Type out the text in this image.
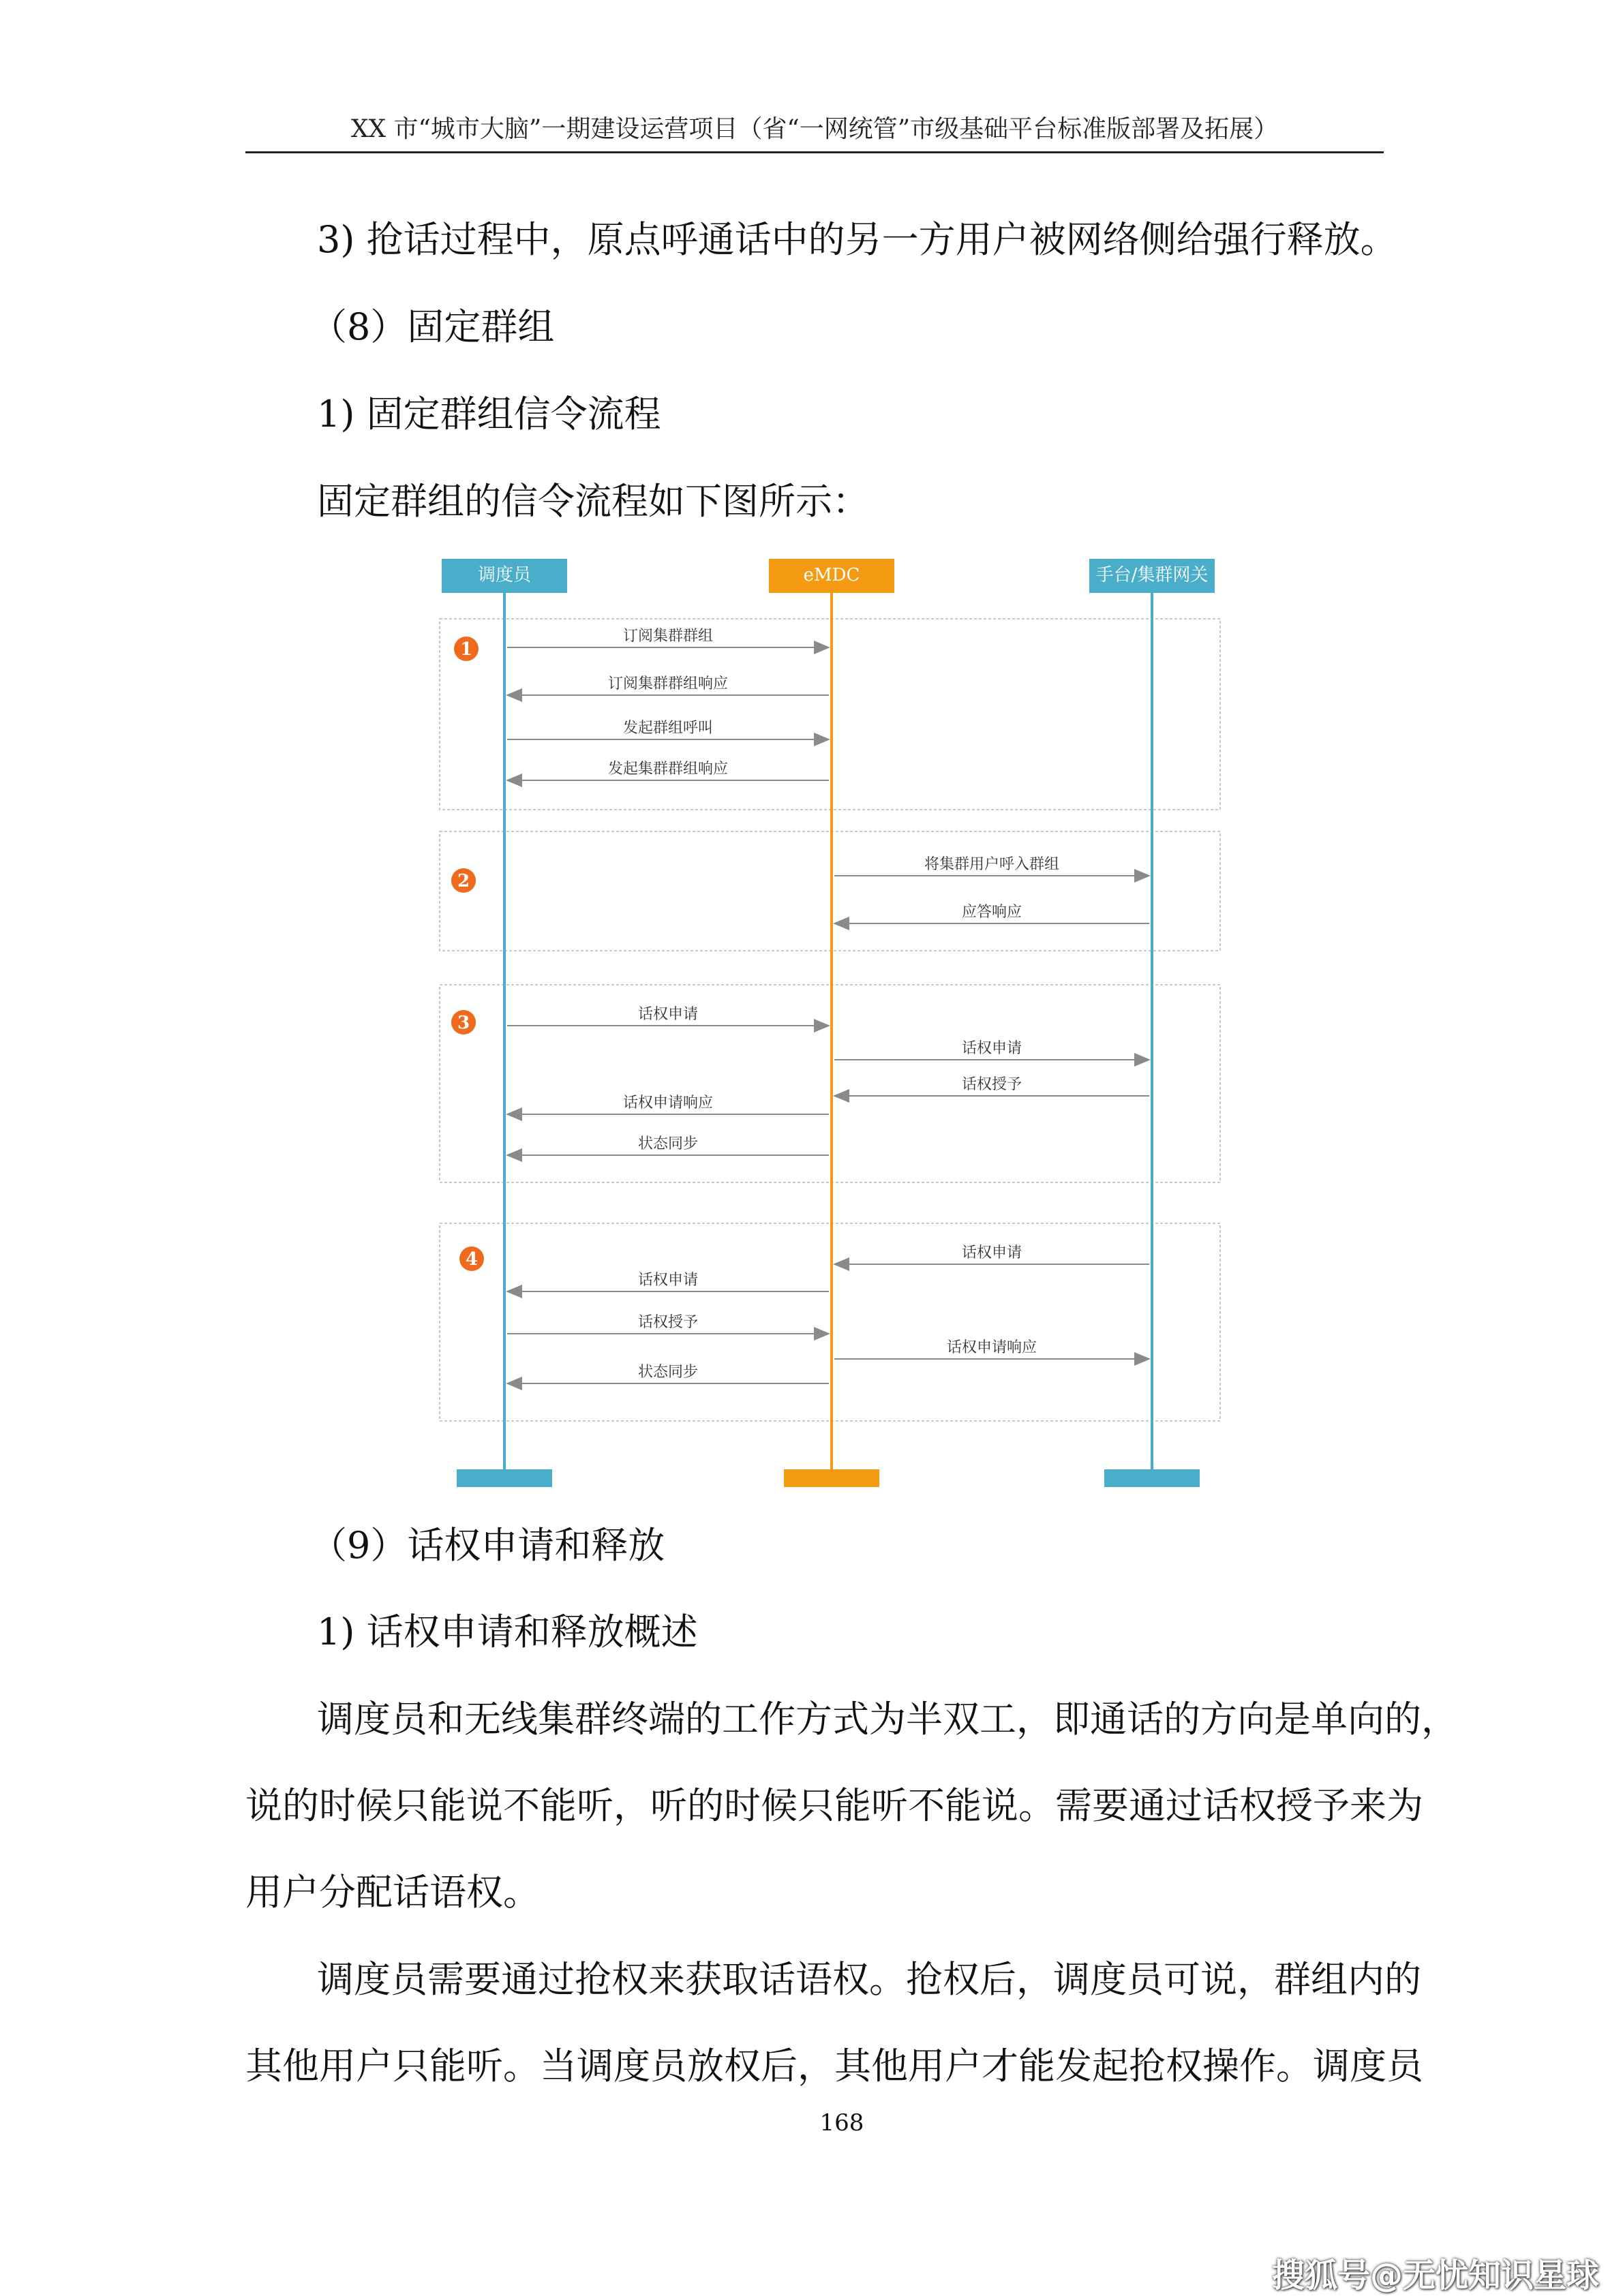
XX 市“城市大脑”一期建设运营项目（省“一网统管”市级基础平台标准版部署及拓展）
3) 抢话过程中，原点呼通话中的另一方用户被网络侧给强行释放。
（8）固定群组
1) 固定群组信令流程
固定群组的信令流程如下图所示：
调度员	eMDC	手台/集群网关
1
订阅集群群组
订阅集群群组响应
发起群组呼叫
发起集群群组响应
2
将集群用户呼入群组
应答响应
3	话权申请
话权申请
话权授予
话权申请响应
状态同步
4	话权申请
话权申请
话权授予
话权申请响应
状态同步
（9）话权申请和释放
1) 话权申请和释放概述
调度员和无线集群终端的工作方式为半双工，即通话的方向是单向的，
说的时候只能说不能听，听的时候只能听不能说。需要通过话权授予来为
用户分配话语权。
调度员需要通过抢权来获取话语权。抢权后，调度员可说，群组内的
其他用户只能听。当调度员放权后，其他用户才能发起抢权操作。调度员
168
搜狐号@无忧知识星球
